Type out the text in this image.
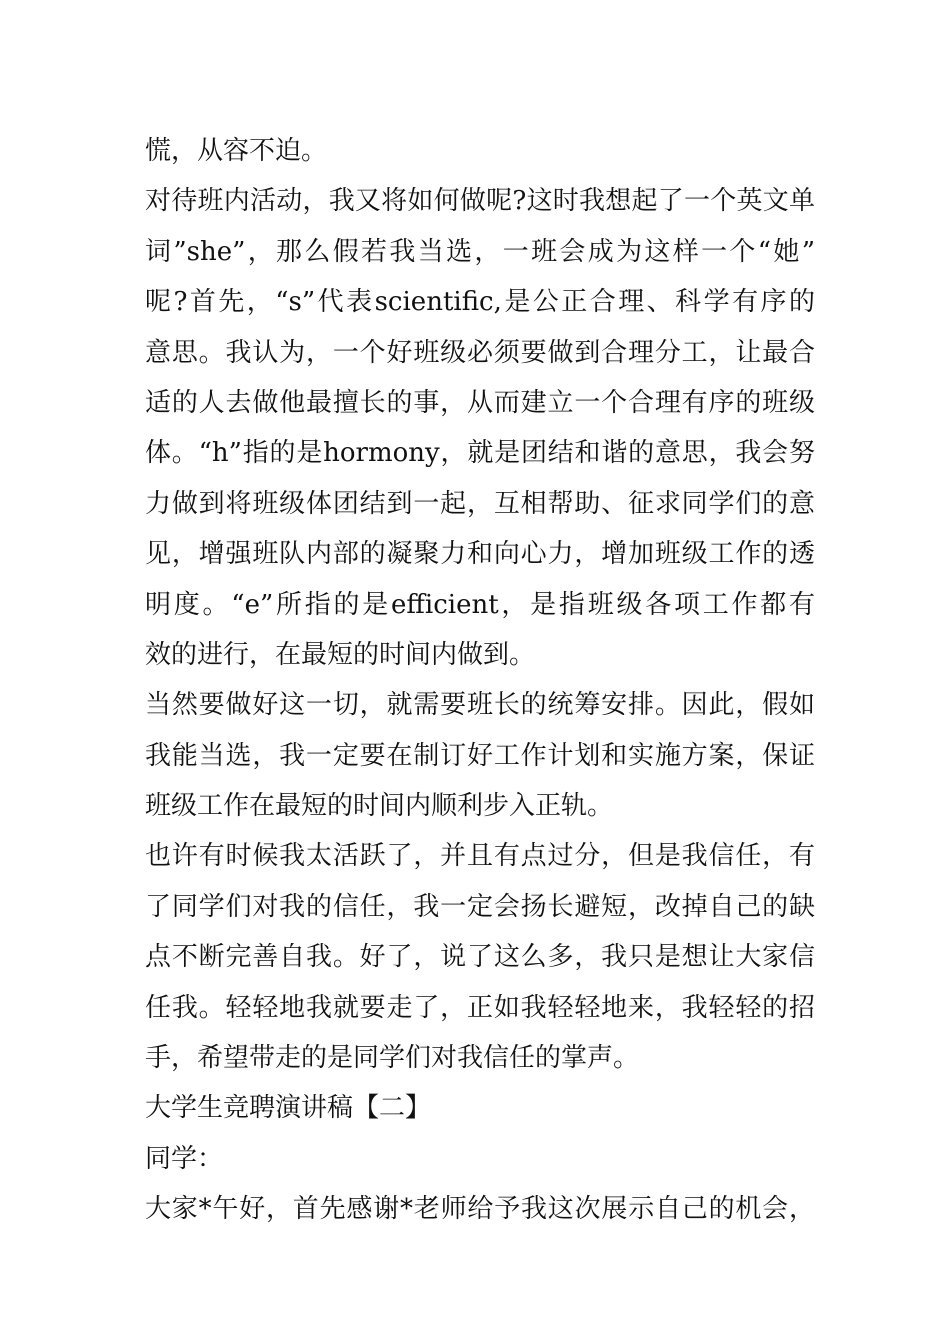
慌，从容不迫。
对待班内活动，我又将如何做呢?这时我想起了一个英文单
词”she”，那么假若我当选，一班会成为这样一个“她”
呢?首先，“s”代表scientific,是公正合理、科学有序的
意思。我认为，一个好班级必须要做到合理分工，让最合
适的人去做他最擅长的事，从而建立一个合理有序的班级
体。“h”指的是hormony，就是团结和谐的意思，我会努
力做到将班级体团结到一起，互相帮助、征求同学们的意
见，增强班队内部的凝聚力和向心力，增加班级工作的透
明度。“e”所指的是efficient，是指班级各项工作都有
效的进行，在最短的时间内做到。
当然要做好这一切，就需要班长的统筹安排。因此，假如
我能当选，我一定要在制订好工作计划和实施方案，保证
班级工作在最短的时间内顺利步入正轨。
也许有时候我太活跃了，并且有点过分，但是我信任，有
了同学们对我的信任，我一定会扬长避短，改掉自己的缺
点不断完善自我。好了，说了这么多，我只是想让大家信
任我。轻轻地我就要走了，正如我轻轻地来，我轻轻的招
手，希望带走的是同学们对我信任的掌声。
大学生竞聘演讲稿【二】
同学：
大家*午好，首先感谢*老师给予我这次展示自己的机会，
